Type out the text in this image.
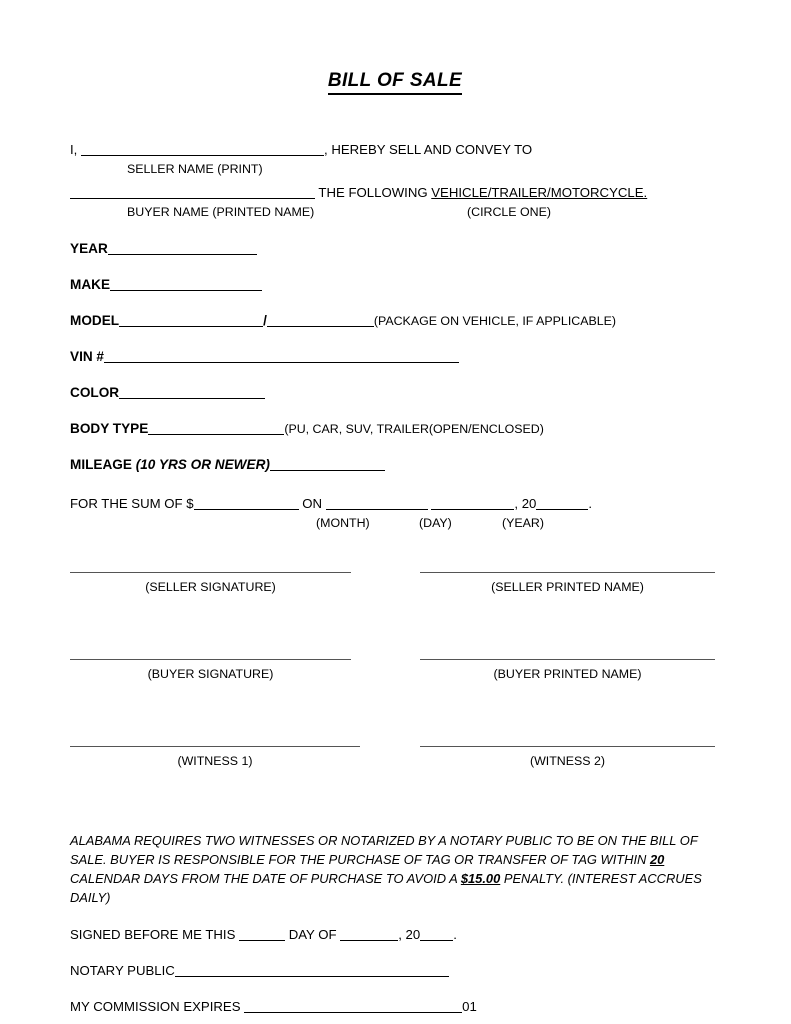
BILL OF SALE
I,	, HEREBY SELL AND CONVEY TO
SELLER NAME (PRINT)
THE FOLLOWING VEHICLE/TRAILER/MOTORCYCLE.
BUYER NAME (PRINTED NAME)	(CIRCLE ONE)
YEAR
MAKE
MODEL	/	(PACKAGE ON VEHICLE, IF APPLICABLE)
VIN #
COLOR
BODY TYPE	(PU, CAR, SUV, TRAILER(OPEN/ENCLOSED)
MILEAGE (10 YRS OR NEWER)
FOR THE SUM OF $	ON	, 20	.
(MONTH)	(DAY)	(YEAR)
(SELLER SIGNATURE)	(SELLER PRINTED NAME)
(BUYER SIGNATURE)	(BUYER PRINTED NAME)
(WITNESS 1)	(WITNESS 2)
ALABAMA REQUIRES TWO WITNESSES OR NOTARIZED BY A NOTARY PUBLIC TO BE ON THE BILL OF SALE. BUYER IS RESPONSIBLE FOR THE PURCHASE OF TAG OR TRANSFER OF TAG WITHIN 20 CALENDAR DAYS FROM THE DATE OF PURCHASE TO AVOID A $15.00 PENALTY. (INTEREST ACCRUES DAILY)
SIGNED BEFORE ME THIS	DAY OF	, 20	.
NOTARY PUBLIC
MY COMMISSION EXPIRES	01
